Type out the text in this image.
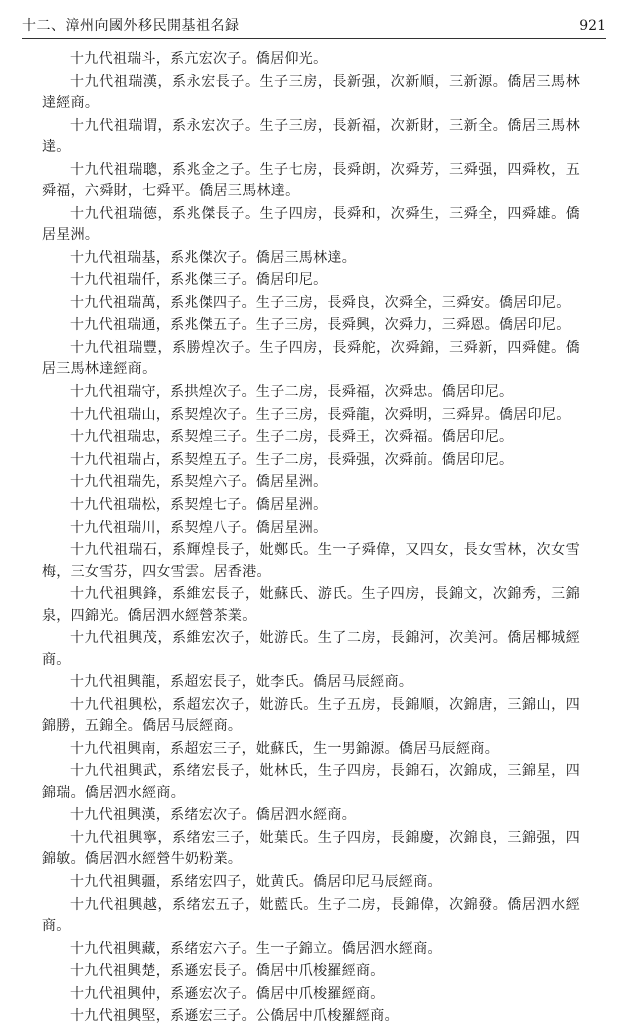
十二、漳州向國外移民開基祖名録	921

十九代祖瑞斗，系亢宏次子。僑居仰光。

十九代祖瑞漢，系永宏長子。生子三房，長新强，次新順，三新源。僑居三馬林達經商。

十九代祖瑞谓，系永宏次子。生子三房，長新福，次新財，三新全。僑居三馬林達。

十九代祖瑞聰，系兆金之子。生子七房，長舜朗，次舜芳，三舜强，四舜枚，五舜福，六舜財，七舜平。僑居三馬林達。

十九代祖瑞德，系兆傑長子。生子四房，長舜和，次舜生，三舜全，四舜雄。僑居星洲。

十九代祖瑞基，系兆傑次子。僑居三馬林達。

十九代祖瑞仟，系兆傑三子。僑居印尼。

十九代祖瑞萬，系兆傑四子。生子三房，長舜良，次舜全，三舜安。僑居印尼。

十九代祖瑞通，系兆傑五子。生子三房，長舜興，次舜力，三舜恩。僑居印尼。

十九代祖瑞豐，系勝煌次子。生子四房，長舜舵，次舜錦，三舜新，四舜健。僑居三馬林達經商。

十九代祖瑞守，系拱煌次子。生子二房，長舜福，次舜忠。僑居印尼。

十九代祖瑞山，系契煌次子。生子三房，長舜龍，次舜明，三舜昇。僑居印尼。

十九代祖瑞忠，系契煌三子。生子二房，長舜王，次舜福。僑居印尼。

十九代祖瑞占，系契煌五子。生子二房，長舜强，次舜前。僑居印尼。

十九代祖瑞先，系契煌六子。僑居星洲。

十九代祖瑞松，系契煌七子。僑居星洲。

十九代祖瑞川，系契煌八子。僑居星洲。

十九代祖瑞石，系輝煌長子，妣鄭氏。生一子舜偉，又四女，長女雪林，次女雪梅，三女雪芬，四女雪雲。居香港。

十九代祖興鋒，系維宏長子，妣蘇氏、游氏。生子四房，長錦文，次錦秀，三錦泉，四錦光。僑居泗水經營茶業。

十九代祖興茂，系維宏次子，妣游氏。生了二房，長錦河，次美河。僑居椰城經商。

十九代祖興龍，系超宏長子，妣李氏。僑居马辰經商。

十九代祖興松，系超宏次子，妣游氏。生子五房，長錦順，次錦唐，三錦山，四錦勝，五錦全。僑居马辰經商。

十九代祖興南，系超宏三子，妣蘇氏，生一男錦源。僑居马辰經商。

十九代祖興武，系绪宏長子，妣林氏，生子四房，長錦石，次錦成，三錦星，四錦瑞。僑居泗水經商。

十九代祖興漢，系绪宏次子。僑居泗水經商。

十九代祖興寧，系绪宏三子，妣葉氏。生子四房，長錦慶，次錦良，三錦强，四錦敏。僑居泗水經營牛奶粉業。

十九代祖興疆，系绪宏四子，妣黄氏。僑居印尼马辰經商。

十九代祖興越，系绪宏五子，妣藍氏。生子二房，長錦偉，次錦發。僑居泗水經商。

十九代祖興藏，系绪宏六子。生一子錦立。僑居泗水經商。

十九代祖興楚，系遜宏長子。僑居中爪梭羅經商。

十九代祖興仲，系遜宏次子。僑居中爪梭羅經商。

十九代祖興堅，系遜宏三子。公僑居中爪梭羅經商。
